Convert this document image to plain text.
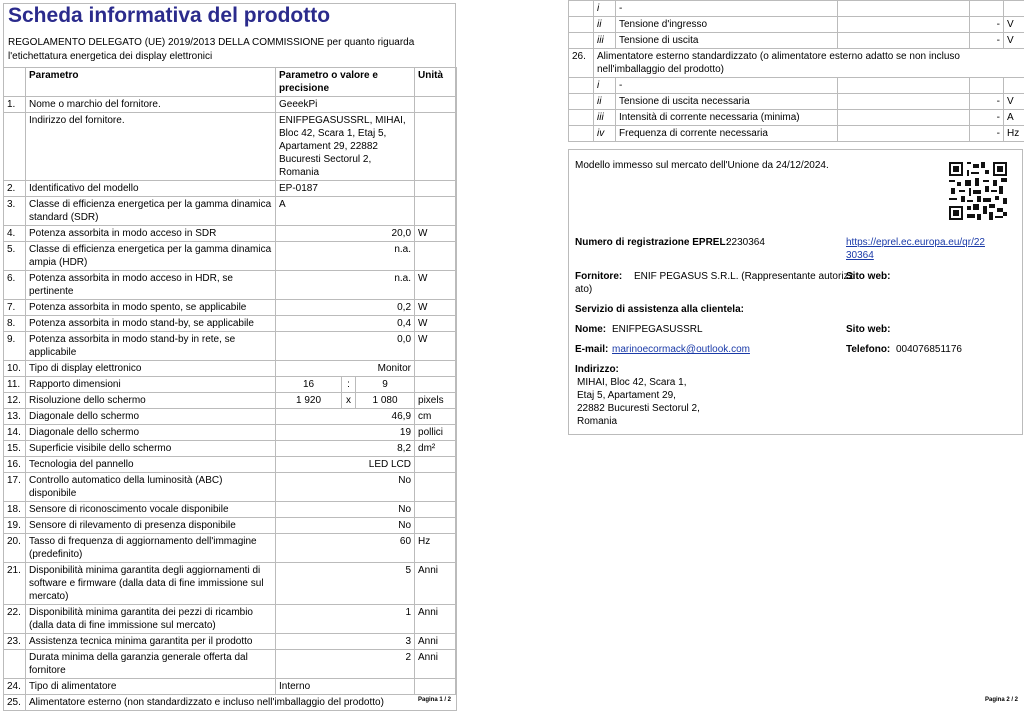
Scheda informativa del prodotto
REGOLAMENTO DELEGATO (UE) 2019/2013 DELLA COMMISSIONE per quanto riguarda l'etichettatura energetica dei display elettronici
	Parametro	Parametro o valore e precisione			Unità
1.	Nome o marchio del fornitore.	GeeekPi			
	Indirizzo del fornitore.	ENIFPEGASUSSRL, MIHAI, Bloc 42, Scara 1, Etaj 5, Apartament 29, 22882 Bucuresti Sectorul 2, Romania			
2.	Identificativo del modello	EP-0187			
3.	Classe di efficienza energetica per la gamma dinamica standard (SDR)	A			
4.	Potenza assorbita in modo acceso in SDR	20,0			W
5.	Classe di efficienza energetica per la gamma dinamica ampia (HDR)	n.a.			
6.	Potenza assorbita in modo acceso in HDR, se pertinente	n.a.			W
7.	Potenza assorbita in modo spento, se applicabile	0,2			W
8.	Potenza assorbita in modo stand-by, se applicabile	0,4			W
9.	Potenza assorbita in modo stand-by in rete, se applicabile	0,0			W
10.	Tipo di display elettronico	Monitor			
11.	Rapporto dimensioni	16	:	9	
12.	Risoluzione dello schermo	1 920	x	1 080	pixels
13.	Diagonale dello schermo	46,9			cm
14.	Diagonale dello schermo	19			pollici
15.	Superficie visibile dello schermo	8,2			dm²
16.	Tecnologia del pannello	LED LCD			
17.	Controllo automatico della luminosità (ABC) disponibile	No			
18.	Sensore di riconoscimento vocale disponibile	No			
19.	Sensore di rilevamento di presenza disponibile	No			
20.	Tasso di frequenza di aggiornamento dell'immagine (predefinito)	60			Hz
21.	Disponibilità minima garantita degli aggiornamenti di software e firmware (dalla data di fine immissione sul mercato)	5			Anni
22.	Disponibilità minima garantita dei pezzi di ricambio (dalla data di fine immissione sul mercato)	1			Anni
23.	Assistenza tecnica minima garantita per il prodotto	3			Anni
	Durata minima della garanzia generale offerta dal fornitore	2			Anni
24.	Tipo di alimentatore	Interno			
25.	Alimentatore esterno (non standardizzato e incluso nell'imballaggio del prodotto)					Pagina 1 / 2
	i	-			
	ii	Tensione d'ingresso		-	V
	iii	Tensione di uscita		-	V
26.	Alimentatore esterno standardizzato (o alimentatore esterno adatto se non incluso nell'imballaggio del prodotto)				
	i	-			
	ii	Tensione di uscita necessaria		-	V
	iii	Intensità di corrente necessaria (minima)		-	A
	iv	Frequenza di corrente necessaria		-	Hz
Modello immesso sul mercato dell'Unione da 24/12/2024.
Numero di registrazione EPREL:
2230364	https://eprel.ec.europa.eu/qr/22
30364
Fornitore: ENIF PEGASUS S.R.L. (Rappresentante autorizz
ato)
Sito web:
Servizio di assistenza alla clientela:
Nome: ENIFPEGASUSSRL	Sito web:
E-mail: marinoecormack@outlook.com	Telefono: 004076851176
Indirizzo:
MIHAI, Bloc 42, Scara 1,
Etaj 5, Apartament 29,
22882 Bucuresti Sectorul 2,
Romania
Pagina 2 / 2
